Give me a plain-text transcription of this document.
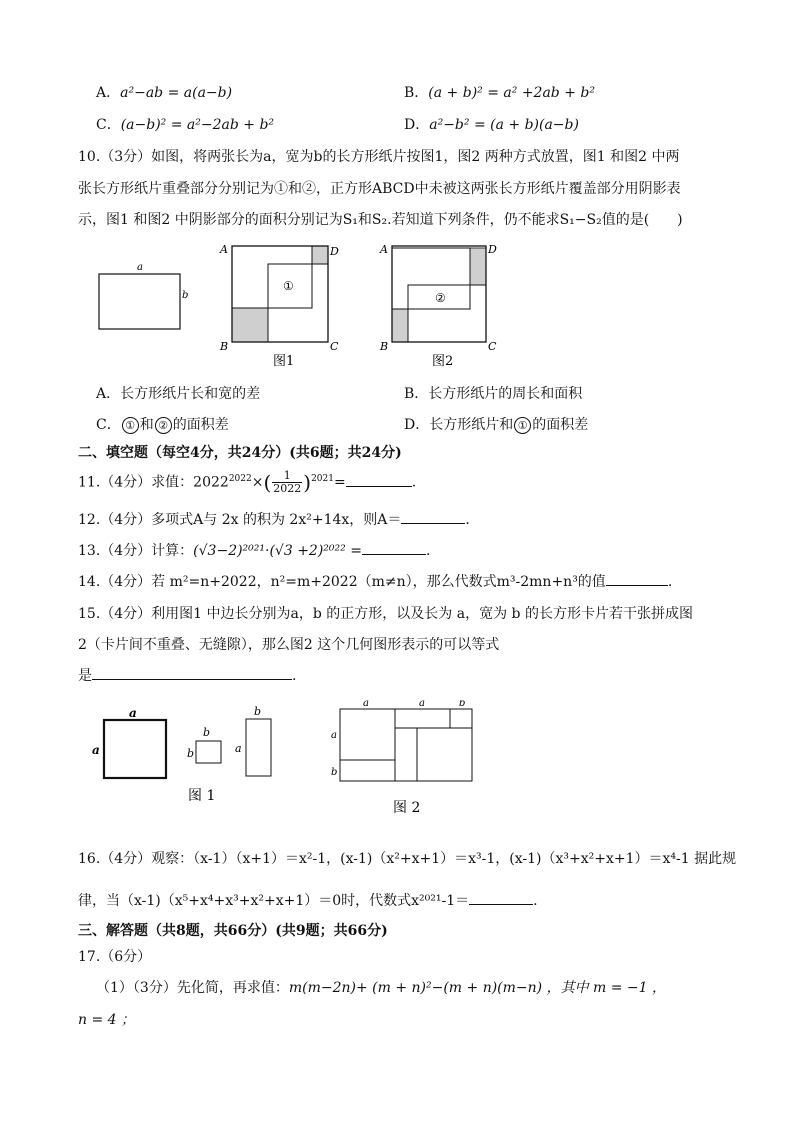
A．a²−ab = a(a−b)	B．(a + b)² = a² +2ab + b²
C．(a−b)² = a²−2ab + b²	D．a²−b² = (a + b)(a−b)
10.（3分）如图，将两张长为a，宽为b的长方形纸片按图1，图2 两种方式放置，图1 和图2 中两
张长方形纸片重叠部分分别记为①和②，正方形ABCD中未被这两张长方形纸片覆盖部分用阴影表
示，图1 和图2 中阴影部分的面积分别记为S₁和S₂.若知道下列条件，仍不能求S₁−S₂值的是(　　)
a
b
A	D
B	C
①
图1
A	D
B	C
②
图2
A．长方形纸片长和宽的差	B．长方形纸片的周长和面积
C． ① 和 ② 的面积差	D．长方形纸片和 ① 的面积差
二、填空题（每空4分，共24分）(共6题；共24分)
11.（4分）求值：$2022^{2022}\times( \frac{1}{2022} )^{2021}=$	.
12.（4分）多项式A与 2x 的积为 2x²+14x，则A＝	.
13.（4分）计算：(√3−2)²⁰²¹·(√3 +2)²⁰²² =	.
14.（4分）若 m²=n+2022，n²=m+2022（m≠n），那么代数式m³-2mn+n³的值	.
15.（4分）利用图1 中边长分别为a，b 的正方形，以及长为 a，宽为 b 的长方形卡片若干张拼成图
2（卡片间不重叠、无缝隙），那么图2 这个几何图形表示的可以等式
是	.
a
a
b
b
b
a
图 1
a	a	b
a
b
图 2
16.（4分）观察：（x-1）（x+1）＝x²-1，(x-1)（x²+x+1）＝x³-1，(x-1)（x³+x²+x+1）＝x⁴-1 据此规
律，当（x-1)（x⁵+x⁴+x³+x²+x+1）＝0时，代数式x²⁰²¹-1＝	.
三、解答题（共8题，共66分）(共9题；共66分)
17.（6分）
（1）（3分）先化简，再求值：m(m−2n)+ (m + n)²−(m + n)(m−n) ，其中 m = −1 ，
n = 4 ；
